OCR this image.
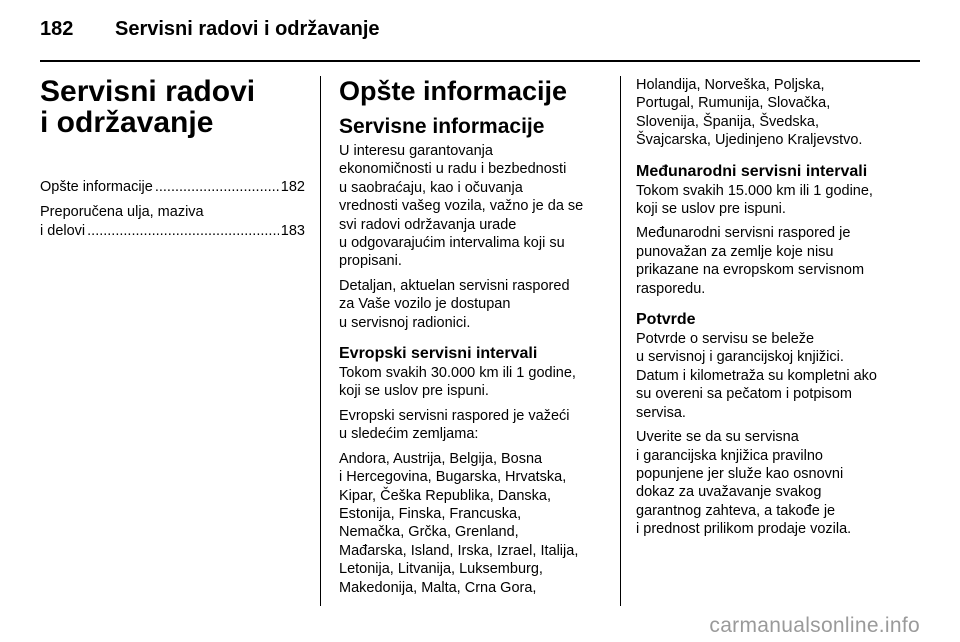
182 Servisni radovi i održavanje
Servisni radovi
i održavanje
Opšte informacije .....	182
Preporučena ulja, maziva
i delovi .....	183
Opšte informacije
Servisne informacije

U interesu garantovanja
ekonomičnosti u radu i bezbednosti
u saobraćaju, kao i očuvanja
vrednosti vašeg vozila, važno je da se
svi radovi održavanja urade
u odgovarajućim intervalima koji su
propisani.

Detaljan, aktuelan servisni raspored
za Vaše vozilo je dostupan
u servisnoj radionici.

Evropski servisni intervali

Tokom svakih 30.000 km ili 1 godine,
koji se uslov pre ispuni.

Evropski servisni raspored je važeći
u sledećim zemljama:

Andora, Austrija, Belgija, Bosna
i Hercegovina, Bugarska, Hrvatska,
Kipar, Češka Republika, Danska,
Estonija, Finska, Francuska,
Nemačka, Grčka, Grenland,
Mađarska, Island, Irska, Izrael, Italija,
Letonija, Litvanija, Luksemburg,
Makedonija, Malta, Crna Gora,

Holandija, Norveška, Poljska,
Portugal, Rumunija, Slovačka,
Slovenija, Španija, Švedska,
Švajcarska, Ujedinjeno Kraljevstvo.

Međunarodni servisni intervali

Tokom svakih 15.000 km ili 1 godine,
koji se uslov pre ispuni.

Međunarodni servisni raspored je
punovažan za zemlje koje nisu
prikazane na evropskom servisnom
rasporedu.

Potvrde

Potvrde o servisu se beleže
u servisnoj i garancijskoj knjižici.
Datum i kilometraža su kompletni ako
su overeni sa pečatom i potpisom
servisa.

Uverite se da su servisna
i garancijska knjižica pravilno
popunjene jer služe kao osnovni
dokaz za uvažavanje svakog
garantnog zahteva, a takođe je
i prednost prilikom prodaje vozila.

carmanualsonline.info
